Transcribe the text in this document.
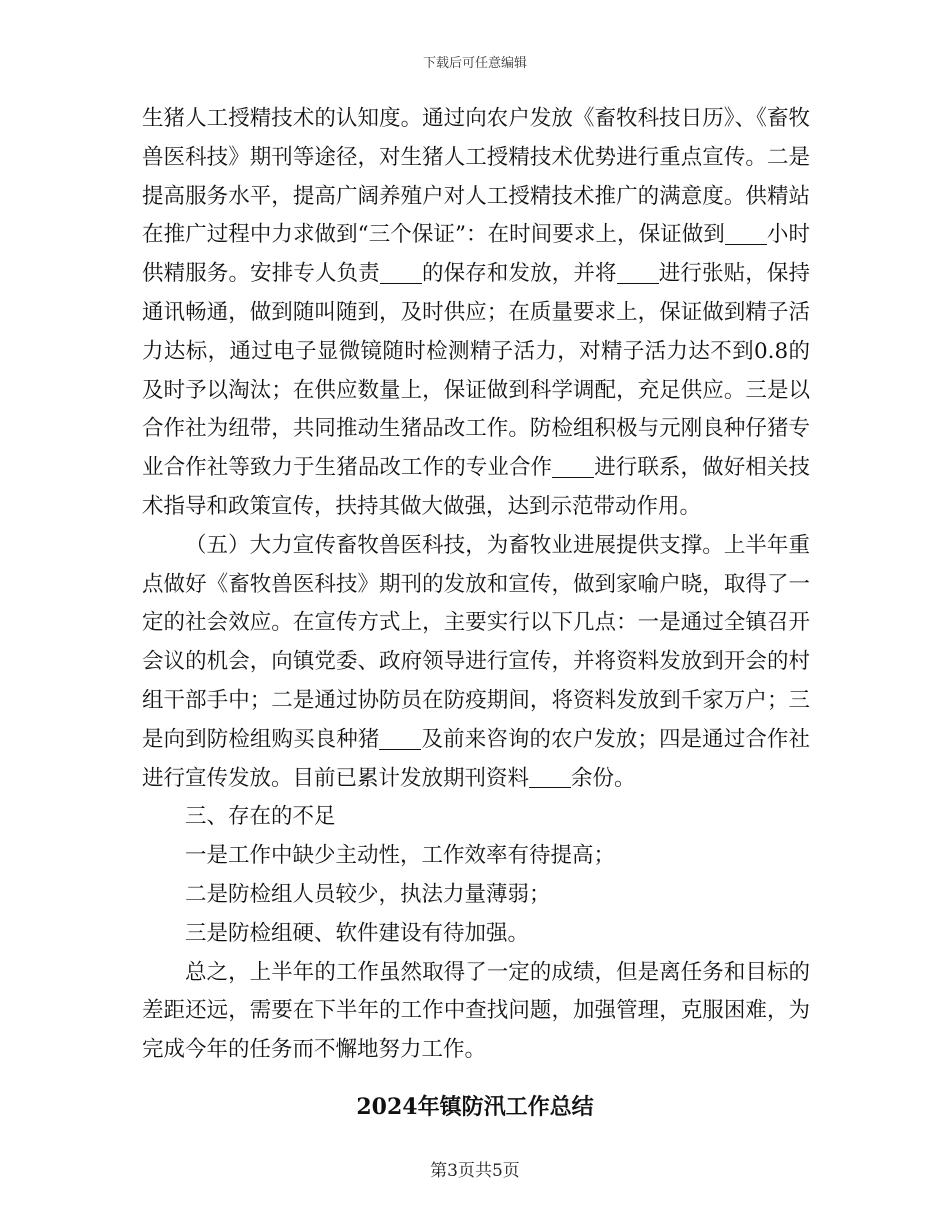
下载后可任意编辑

生猪人工授精技术的认知度。通过向农户发放《畜牧科技日历》、《畜牧兽医科技》期刊等途径，对生猪人工授精技术优势进行重点宣传。二是提高服务水平，提高广阔养殖户对人工授精技术推广的满意度。供精站在推广过程中力求做到“三个保证”：在时间要求上，保证做到 小时供精服务。安排专人负责 的保存和发放，并将 进行张贴，保持通讯畅通，做到随叫随到，及时供应；在质量要求上，保证做到精子活力达标，通过电子显微镜随时检测精子活力，对精子活力达不到0.8的及时予以淘汰；在供应数量上，保证做到科学调配，充足供应。三是以合作社为纽带，共同推动生猪品改工作。防检组积极与元刚良种仔猪专业合作社等致力于生猪品改工作的专业合作 进行联系，做好相关技术指导和政策宣传，扶持其做大做强，达到示范带动作用。

（五）大力宣传畜牧兽医科技，为畜牧业进展提供支撑。上半年重点做好《畜牧兽医科技》期刊的发放和宣传，做到家喻户晓，取得了一定的社会效应。在宣传方式上，主要实行以下几点：一是通过全镇召开会议的机会，向镇党委、政府领导进行宣传，并将资料发放到开会的村组干部手中；二是通过协防员在防疫期间，将资料发放到千家万户；三是向到防检组购买良种猪 及前来咨询的农户发放；四是通过合作社进行宣传发放。目前已累计发放期刊资料 余份。

三、存在的不足

一是工作中缺少主动性，工作效率有待提高；

二是防检组人员较少，执法力量薄弱；

三是防检组硬、软件建设有待加强。

总之，上半年的工作虽然取得了一定的成绩，但是离任务和目标的差距还远，需要在下半年的工作中查找问题，加强管理，克服困难，为完成今年的任务而不懈地努力工作。

2024年镇防汛工作总结
第3页共5页
